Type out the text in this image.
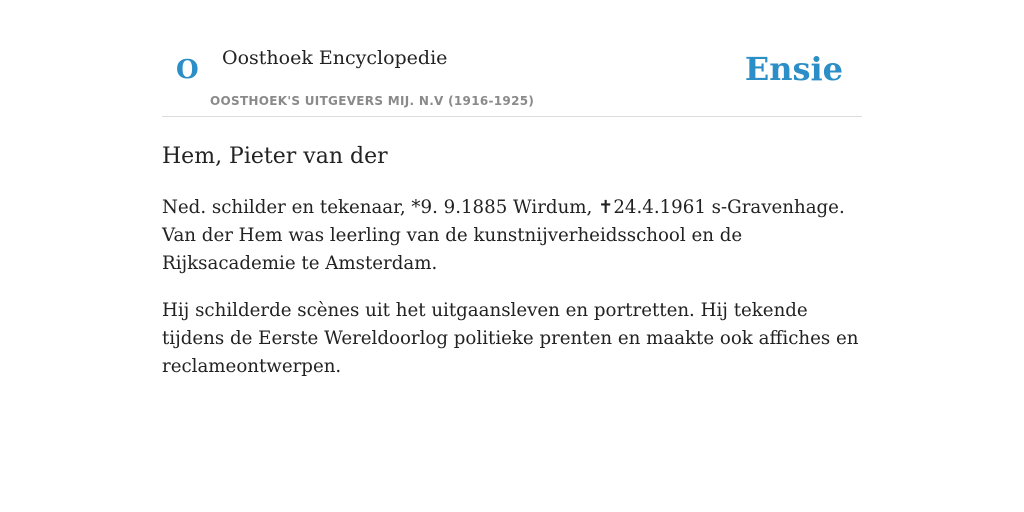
O Oosthoek Encyclopedie
OOSTHOEK'S UITGEVERS MIJ. N.V (1916-1925)
Ensie
Hem, Pieter van der

Ned. schilder en tekenaar, *9. 9.1885 Wirdum, ✝24.4.1961 s-Gravenhage. Van der Hem was leerling van de kunstnijverheidsschool en de Rijksacademie te Amsterdam.

Hij schilderde scènes uit het uitgaansleven en portretten. Hij tekende tijdens de Eerste Wereldoorlog politieke prenten en maakte ook affiches en reclameontwerpen.
